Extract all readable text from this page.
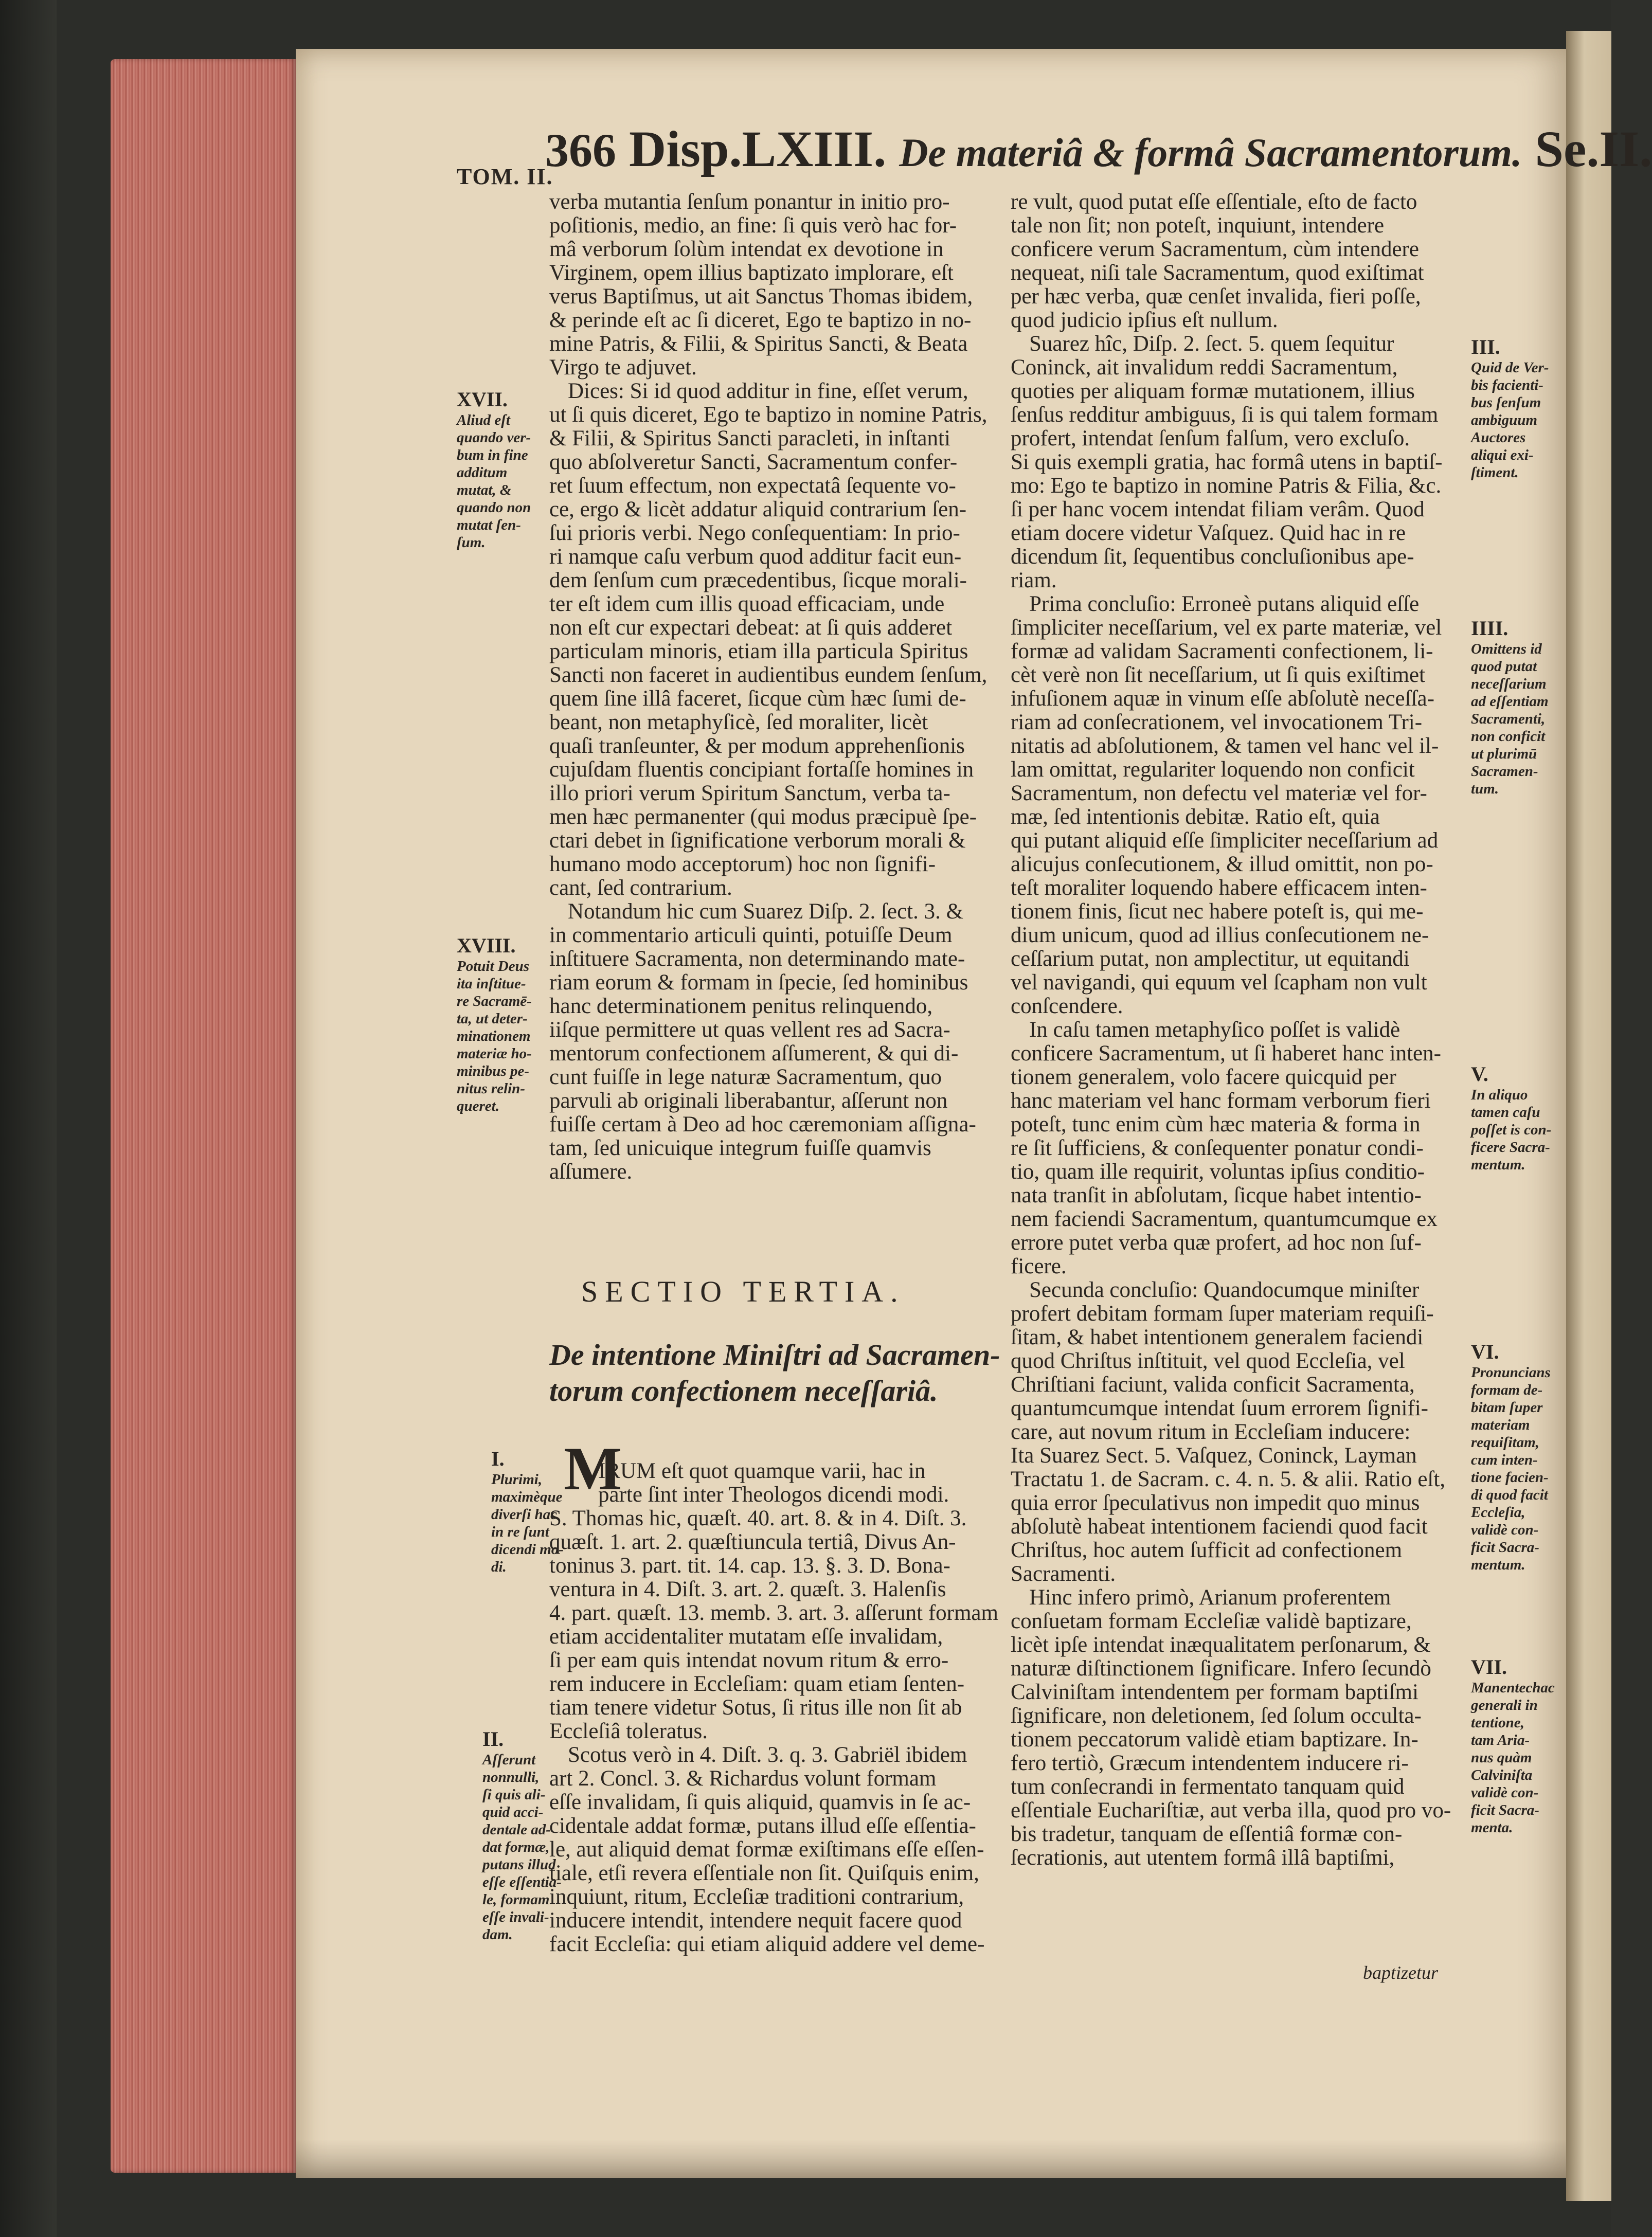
TOM. II.
366 Disp.LXIII. De materiâ & formâ Sacramentorum. Se.II.

verba mutantia ſenſum ponantur in initio pro-

poſitionis, medio, an fine: ſi quis verò hac for-

mâ verborum ſolùm intendat ex devotione in

Virginem, opem illius baptizato implorare, eſt

verus Baptiſmus, ut ait Sanctus Thomas ibidem,

& perinde eſt ac ſi diceret, Ego te baptizo in no-

mine Patris, & Filii, & Spiritus Sancti, & Beata

Virgo te adjuvet.

Dices: Si id quod additur in fine, eſſet verum,

ut ſi quis diceret, Ego te baptizo in nomine Patris,

& Filii, & Spiritus Sancti paracleti, in inſtanti

quo abſolveretur Sancti, Sacramentum confer-

ret ſuum effectum, non expectatâ ſequente vo-

ce, ergo & licèt addatur aliquid contrarium ſen-

ſui prioris verbi. Nego conſequentiam: In prio-

ri namque caſu verbum quod additur facit eun-

dem ſenſum cum præcedentibus, ſicque morali-

ter eſt idem cum illis quoad efficaciam, unde

non eſt cur expectari debeat: at ſi quis adderet

particulam minoris, etiam illa particula Spiritus

Sancti non faceret in audientibus eundem ſenſum,

quem ſine illâ faceret, ſicque cùm hæc ſumi de-

beant, non metaphyſicè, ſed moraliter, licèt

quaſi tranſeunter, & per modum apprehenſionis

cujuſdam fluentis concipiant fortaſſe homines in

illo priori verum Spiritum Sanctum, verba ta-

men hæc permanenter (qui modus præcipuè ſpe-

ctari debet in ſignificatione verborum morali &

humano modo acceptorum) hoc non ſignifi-

cant, ſed contrarium.

Notandum hic cum Suarez Diſp. 2. ſect. 3. &

in commentario articuli quinti, potuiſſe Deum

inſtituere Sacramenta, non determinando mate-

riam eorum & formam in ſpecie, ſed hominibus

hanc determinationem penitus relinquendo,

iiſque permittere ut quas vellent res ad Sacra-

mentorum confectionem aſſumerent, & qui di-

cunt fuiſſe in lege naturæ Sacramentum, quo

parvuli ab originali liberabantur, aſſerunt non

fuiſſe certam à Deo ad hoc cæremoniam aſſigna-

tam, ſed unicuique integrum fuiſſe quamvis

aſſumere.

IRUM eſt quot quamque varii, hac in

parte ſint inter Theologos dicendi modi.

S. Thomas hic, quæſt. 40. art. 8. & in 4. Diſt. 3.

quæſt. 1. art. 2. quæſtiuncula tertiâ, Divus An-

toninus 3. part. tit. 14. cap. 13. §. 3. D. Bona-

ventura in 4. Diſt. 3. art. 2. quæſt. 3. Halenſis

4. part. quæſt. 13. memb. 3. art. 3. aſſerunt formam

etiam accidentaliter mutatam eſſe invalidam,

ſi per eam quis intendat novum ritum & erro-

rem inducere in Eccleſiam: quam etiam ſenten-

tiam tenere videtur Sotus, ſi ritus ille non ſit ab

Eccleſiâ toleratus.

Scotus verò in 4. Diſt. 3. q. 3. Gabriël ibidem

art 2. Concl. 3. & Richardus volunt formam

eſſe invalidam, ſi quis aliquid, quamvis in ſe ac-

cidentale addat formæ, putans illud eſſe eſſentia-

le, aut aliquid demat formæ exiſtimans eſſe eſſen-

tiale, etſi revera eſſentiale non ſit. Quiſquis enim,

inquiunt, ritum, Eccleſiæ traditioni contrarium,

inducere intendit, intendere nequit facere quod

facit Eccleſia: qui etiam aliquid addere vel deme-

SECTIO TERTIA.
De intentione Miniſtri ad Sacramen-
torum confectionem neceſſariâ.
M

re vult, quod putat eſſe eſſentiale, eſto de facto

tale non ſit; non poteſt, inquiunt, intendere

conficere verum Sacramentum, cùm intendere

nequeat, niſi tale Sacramentum, quod exiſtimat

per hæc verba, quæ cenſet invalida, fieri poſſe,

quod judicio ipſius eſt nullum.

Suarez hîc, Diſp. 2. ſect. 5. quem ſequitur

Coninck, ait invalidum reddi Sacramentum,

quoties per aliquam formæ mutationem, illius

ſenſus redditur ambiguus, ſi is qui talem formam

profert, intendat ſenſum falſum, vero excluſo.

Si quis exempli gratia, hac formâ utens in baptiſ-

mo: Ego te baptizo in nomine Patris & Filia, &c.

ſi per hanc vocem intendat filiam verâm. Quod

etiam docere videtur Vaſquez. Quid hac in re

dicendum ſit, ſequentibus concluſionibus ape-

riam.

Prima concluſio: Erroneè putans aliquid eſſe

ſimpliciter neceſſarium, vel ex parte materiæ, vel

formæ ad validam Sacramenti confectionem, li-

cèt verè non ſit neceſſarium, ut ſi quis exiſtimet

infuſionem aquæ in vinum eſſe abſolutè neceſſa-

riam ad conſecrationem, vel invocationem Tri-

nitatis ad abſolutionem, & tamen vel hanc vel il-

lam omittat, regulariter loquendo non conficit

Sacramentum, non defectu vel materiæ vel for-

mæ, ſed intentionis debitæ. Ratio eſt, quia

qui putant aliquid eſſe ſimpliciter neceſſarium ad

alicujus conſecutionem, & illud omittit, non po-

teſt moraliter loquendo habere efficacem inten-

tionem finis, ſicut nec habere poteſt is, qui me-

dium unicum, quod ad illius conſecutionem ne-

ceſſarium putat, non amplectitur, ut equitandi

vel navigandi, qui equum vel ſcapham non vult

conſcendere.

In caſu tamen metaphyſico poſſet is validè

conficere Sacramentum, ut ſi haberet hanc inten-

tionem generalem, volo facere quicquid per

hanc materiam vel hanc formam verborum fieri

poteſt, tunc enim cùm hæc materia & forma in

re ſit ſufficiens, & conſequenter ponatur condi-

tio, quam ille requirit, voluntas ipſius conditio-

nata tranſit in abſolutam, ſicque habet intentio-

nem faciendi Sacramentum, quantumcumque ex

errore putet verba quæ profert, ad hoc non ſuf-

ficere.

Secunda concluſio: Quandocumque miniſter

profert debitam formam ſuper materiam requiſi-

ſitam, & habet intentionem generalem faciendi

quod Chriſtus inſtituit, vel quod Eccleſia, vel

Chriſtiani faciunt, valida conficit Sacramenta,

quantumcumque intendat ſuum errorem ſignifi-

care, aut novum ritum in Eccleſiam inducere:

Ita Suarez Sect. 5. Vaſquez, Coninck, Layman

Tractatu 1. de Sacram. c. 4. n. 5. & alii. Ratio eſt,

quia error ſpeculativus non impedit quo minus

abſolutè habeat intentionem faciendi quod facit

Chriſtus, hoc autem ſufficit ad confectionem

Sacramenti.

Hinc infero primò, Arianum proferentem

conſuetam formam Eccleſiæ validè baptizare,

licèt ipſe intendat inæqualitatem perſonarum, &

naturæ diſtinctionem ſignificare. Infero ſecundò

Calviniſtam intendentem per formam baptiſmi

ſignificare, non deletionem, ſed ſolum occulta-

tionem peccatorum validè etiam baptizare. In-

fero tertiò, Græcum intendentem inducere ri-

tum conſecrandi in fermentato tanquam quid

eſſentiale Euchariſtiæ, aut verba illa, quod pro vo-

bis tradetur, tanquam de eſſentiâ formæ con-

ſecrationis, aut utentem formâ illâ baptiſmi,

baptizetur
XVII.
Aliud eſt
quando ver-
bum in fine
additum
mutat, &
quando non
mutat ſen-
ſum.
XVIII.
Potuit Deus
ita inſtitue-
re Sacramē-
ta, ut deter-
minationem
materiæ ho-
minibus pe-
nitus relin-
queret.
I.
Plurimi,
maximèque
diverſi hac
in re ſunt
dicendi mo-
di.
II.
Aſſerunt
nonnulli,
ſi quis ali-
quid acci-
dentale ad-
dat formæ,
putans illud
eſſe eſſentia-
le, formam
eſſe invali-
dam.
III.
Quid de Ver-
bis facienti-
bus ſenſum
ambiguum
Auctores
aliqui exi-
ſtiment.
IIII.
Omittens id
quod putat
neceſſarium
ad eſſentiam
Sacramenti,
non conficit
ut plurimū
Sacramen-
tum.
V.
In aliquo
tamen caſu
poſſet is con-
ficere Sacra-
mentum.
VI.
Pronuncians
formam de-
bitam ſuper
materiam
requiſitam,
cum inten-
tione facien-
di quod facit
Eccleſia,
validè con-
ficit Sacra-
mentum.
VII.
Manentechac
generali in
tentione,
tam Aria-
nus quàm
Calviniſta
validè con-
ficit Sacra-
menta.
